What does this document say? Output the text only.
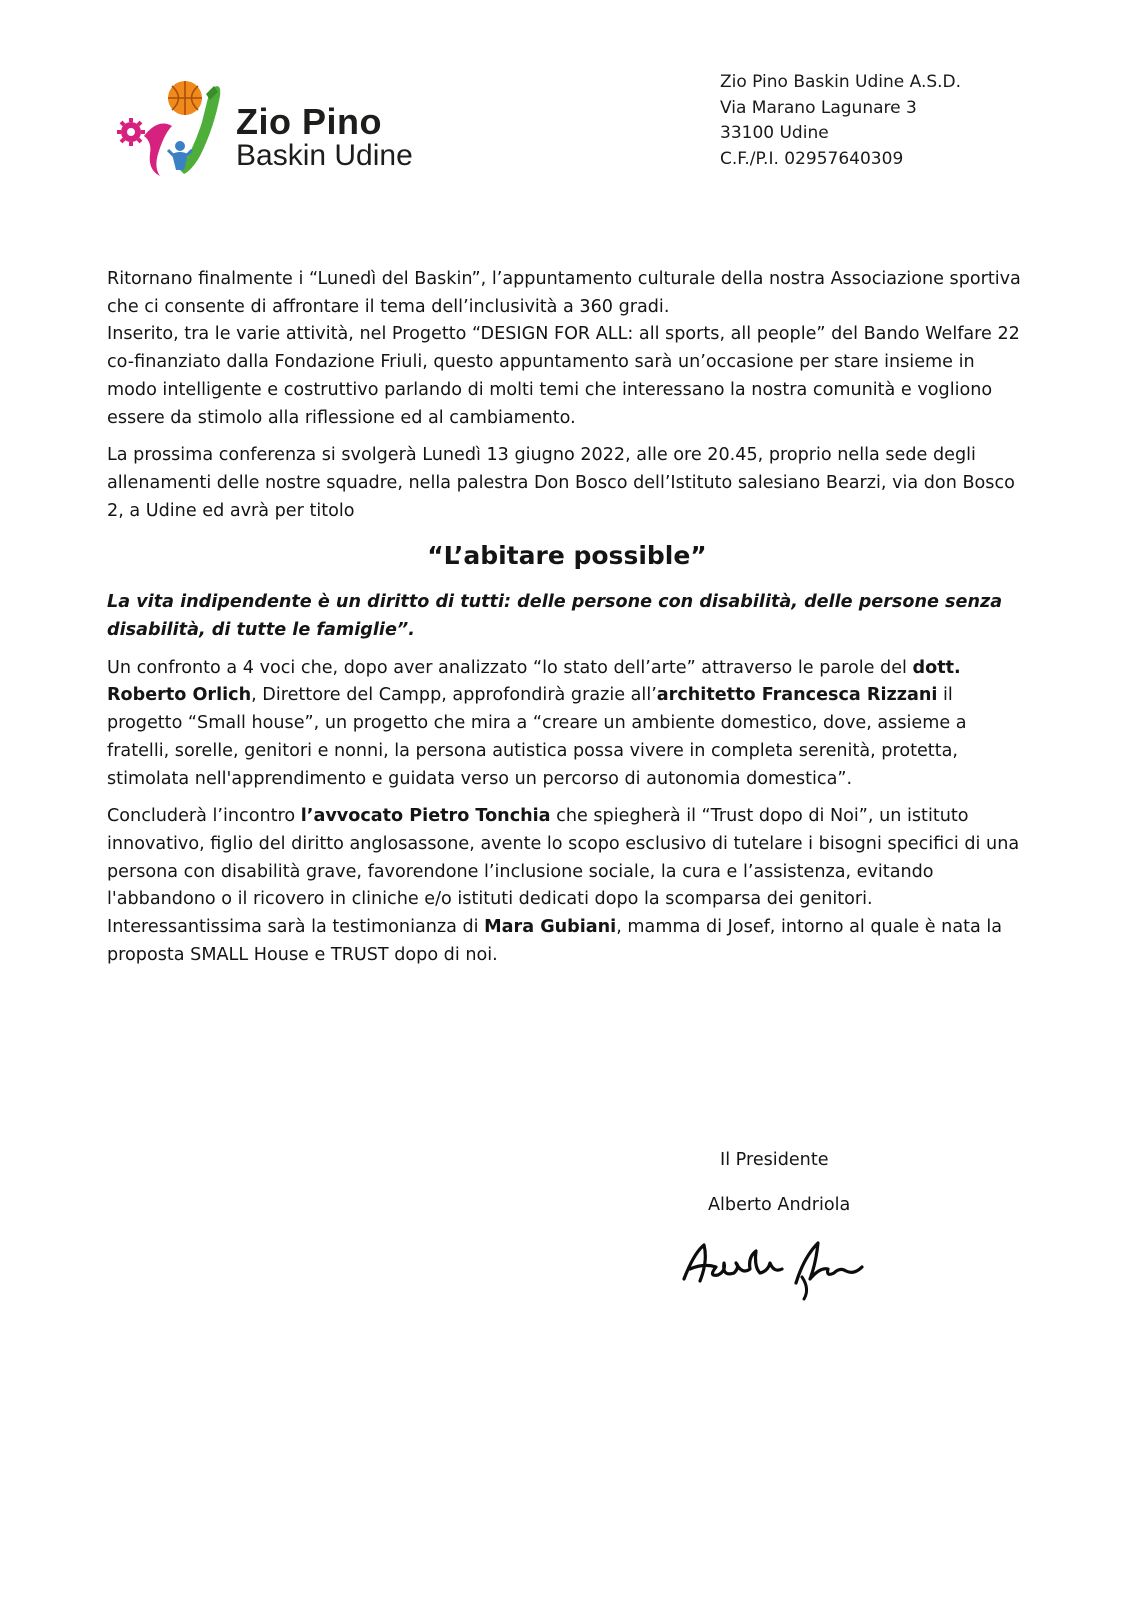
Zio Pino
Baskin Udine
Zio Pino Baskin Udine A.S.D.
Via Marano Lagunare 3
33100 Udine
C.F./P.I. 02957640309

Ritornano finalmente i “Lunedì del Baskin”, l’appuntamento culturale della nostra Associazione sportiva che ci consente di affrontare il tema dell’inclusività a 360 gradi.

Inserito, tra le varie attività, nel Progetto “DESIGN FOR ALL: all sports, all people” del Bando Welfare 22 co-finanziato dalla Fondazione Friuli, questo appuntamento sarà un’occasione per stare insieme in modo intelligente e costruttivo parlando di molti temi che interessano la nostra comunità e vogliono essere da stimolo alla riflessione ed al cambiamento.

La prossima conferenza si svolgerà Lunedì 13 giugno 2022, alle ore 20.45, proprio nella sede degli allenamenti delle nostre squadre, nella palestra Don Bosco dell’Istituto salesiano Bearzi, via don Bosco 2, a Udine ed avrà per titolo

“L’abitare possible”

La vita indipendente è un diritto di tutti: delle persone con disabilità, delle persone senza disabilità, di tutte le famiglie”.

Un confronto a 4 voci che, dopo aver analizzato “lo stato dell’arte” attraverso le parole del dott. Roberto Orlich, Direttore del Campp, approfondirà grazie all’architetto Francesca Rizzani il progetto “Small house”, un progetto che mira a “creare un ambiente domestico, dove, assieme a fratelli, sorelle, genitori e nonni, la persona autistica possa vivere in completa serenità, protetta, stimolata nell'apprendimento e guidata verso un percorso di autonomia domestica”.

Concluderà l’incontro l’avvocato Pietro Tonchia che spiegherà il “Trust dopo di Noi”, un istituto innovativo, figlio del diritto anglosassone, avente lo scopo esclusivo di tutelare i bisogni specifici di una persona con disabilità grave, favorendone l’inclusione sociale, la cura e l’assistenza, evitando l'abbandono o il ricovero in cliniche e/o istituti dedicati dopo la scomparsa dei genitori. Interessantissima sarà la testimonianza di Mara Gubiani, mamma di Josef, intorno al quale è nata la proposta SMALL House e TRUST dopo di noi.

Il Presidente
Alberto Andriola
